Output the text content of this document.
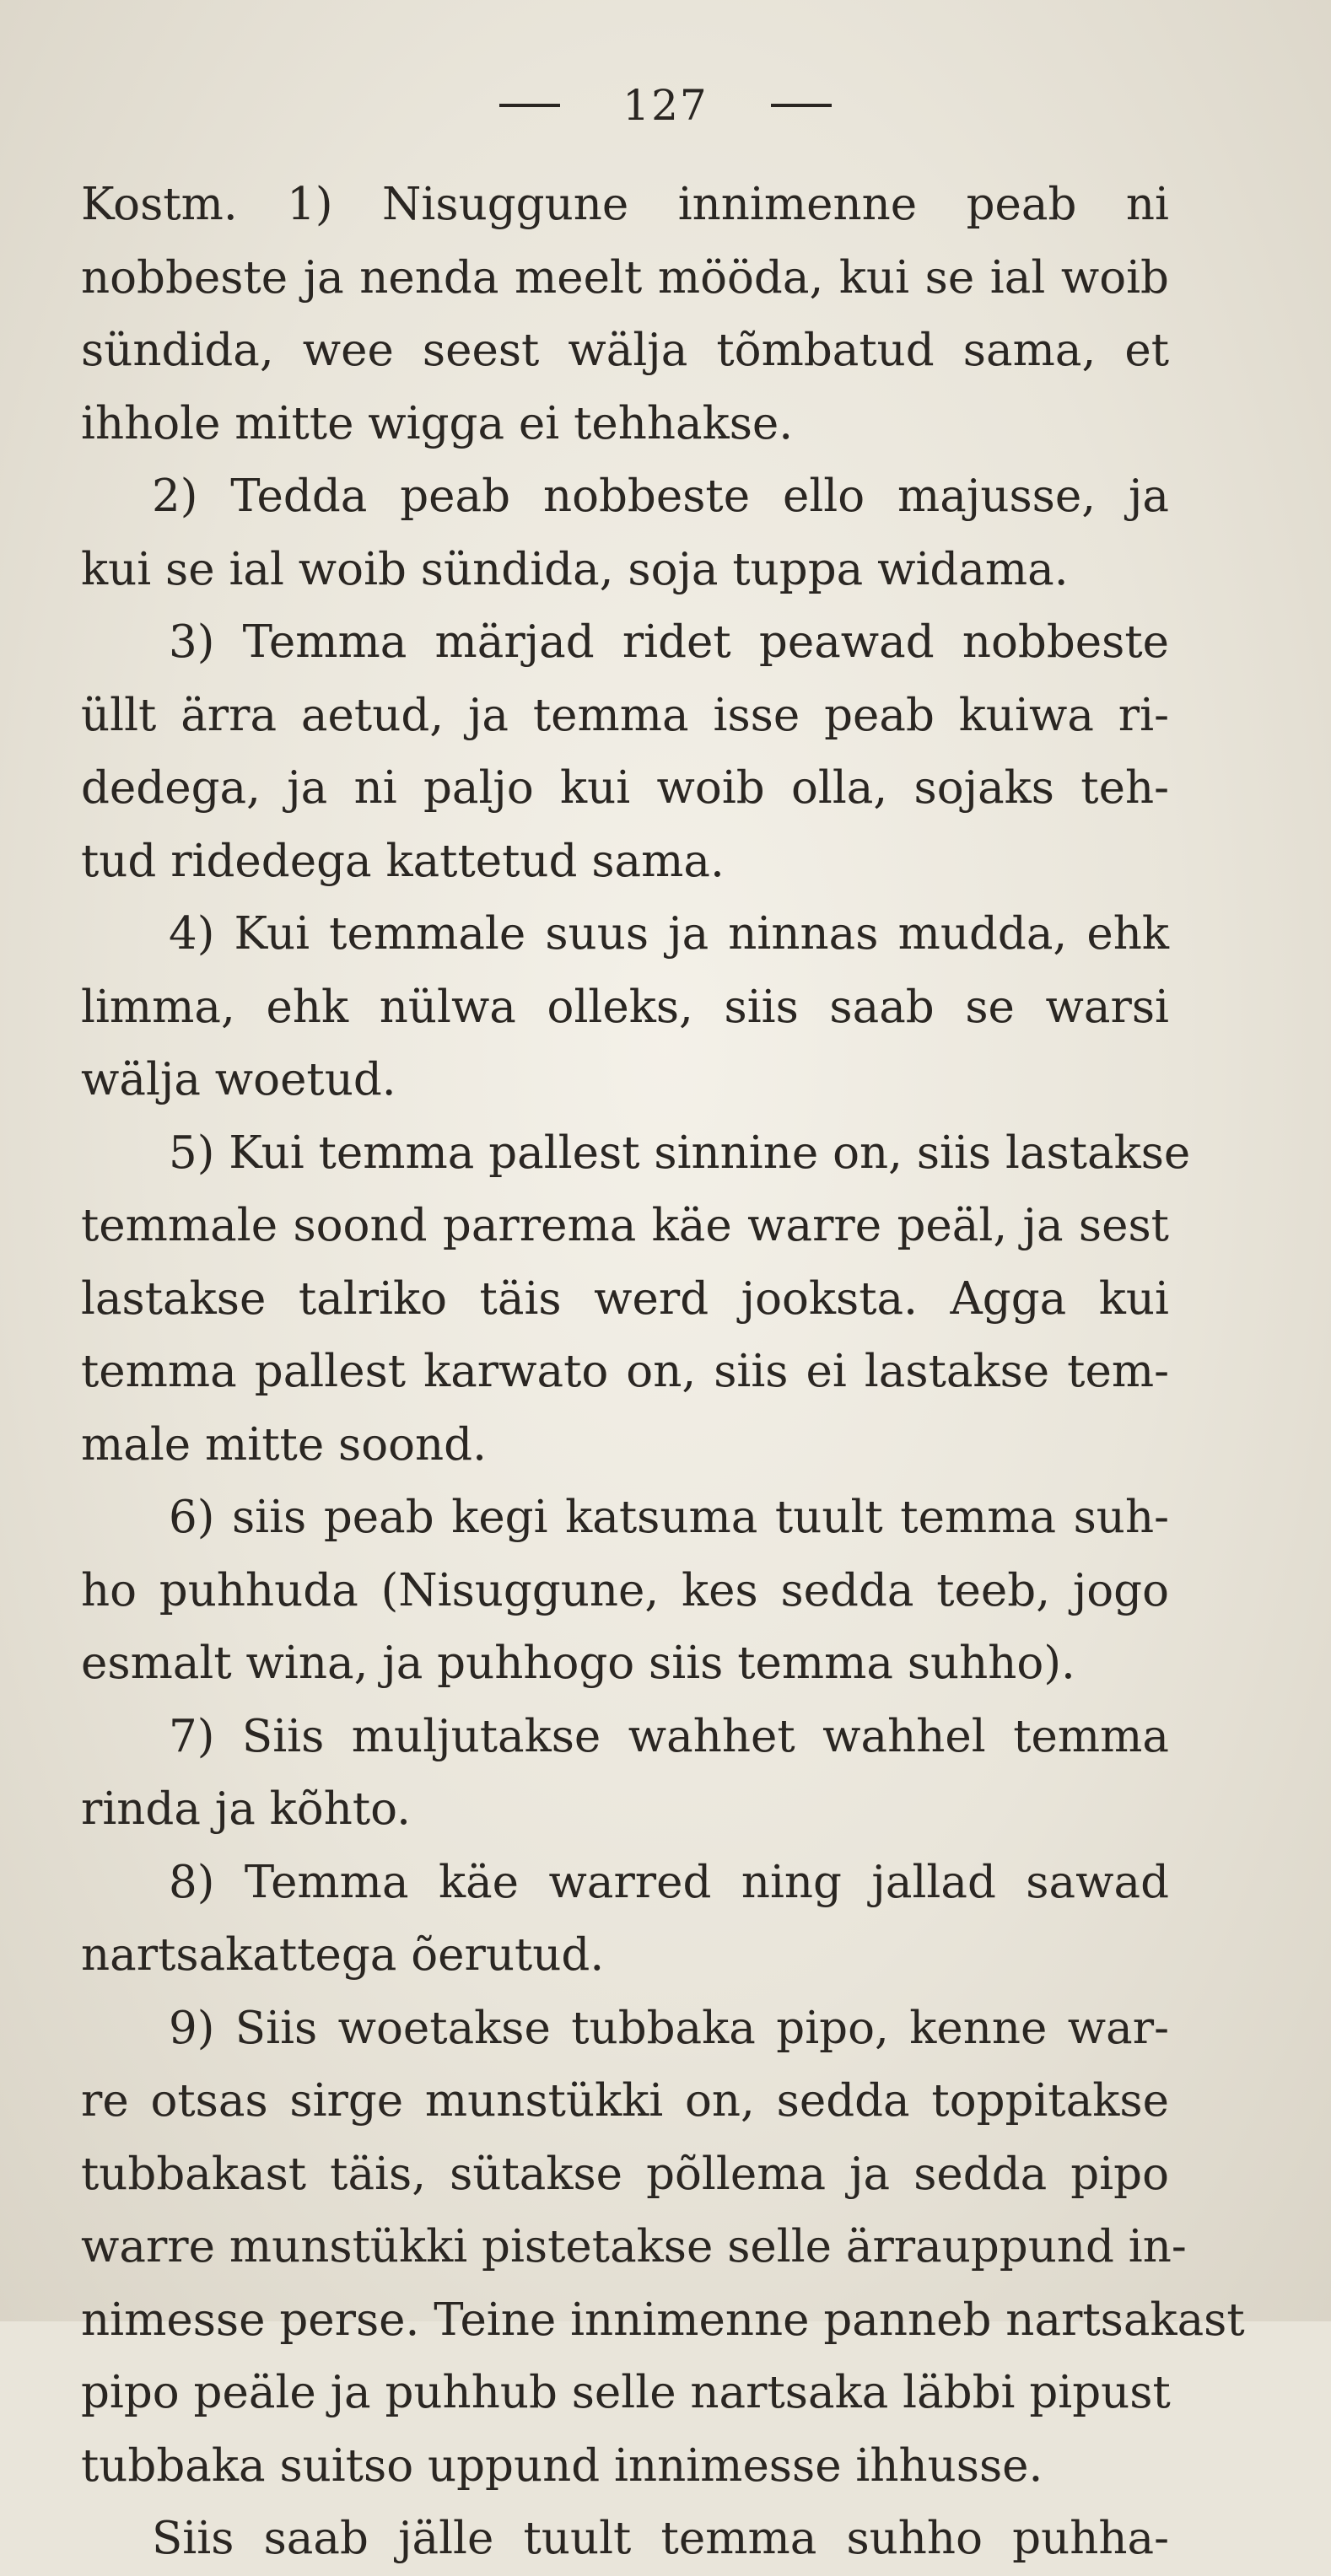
127
Kostm. 1) Nisuggune innimenne peab ni
nobbeste ja nenda meelt mööda, kui se ial woib
sündida, wee seest wälja tõmbatud sama, et
ihhole mitte wigga ei tehhakse.
2) Tedda peab nobbeste ello majusse, ja
kui se ial woib sündida, soja tuppa widama.
3) Temma märjad ridet peawad nobbeste
üllt ärra aetud, ja temma isse peab kuiwa ri-
dedega, ja ni paljo kui woib olla, sojaks teh-
tud ridedega kattetud sama.
4) Kui temmale suus ja ninnas mudda, ehk
limma, ehk nülwa olleks, siis saab se warsi
wälja woetud.
5) Kui temma pallest sinnine on, siis lastakse
temmale soond parrema käe warre peäl, ja sest
lastakse talriko täis werd jooksta. Agga kui
temma pallest karwato on, siis ei lastakse tem-
male mitte soond.
6) siis peab kegi katsuma tuult temma suh-
ho puhhuda (Nisuggune, kes sedda teeb, jogo
esmalt wina, ja puhhogo siis temma suhho).
7) Siis muljutakse wahhet wahhel temma
rinda ja kõhto.
8) Temma käe warred ning jallad sawad
nartsakattega õerutud.
9) Siis woetakse tubbaka pipo, kenne war-
re otsas sirge munstükki on, sedda toppitakse
tubbakast täis, sütakse põllema ja sedda pipo
warre munstükki pistetakse selle ärrauppund in-
nimesse perse. Teine innimenne panneb nartsakast
pipo peäle ja puhhub selle nartsaka läbbi pipust
tubbaka suitso uppund innimesse ihhusse.
Siis saab jälle tuult temma suhho puhha-
